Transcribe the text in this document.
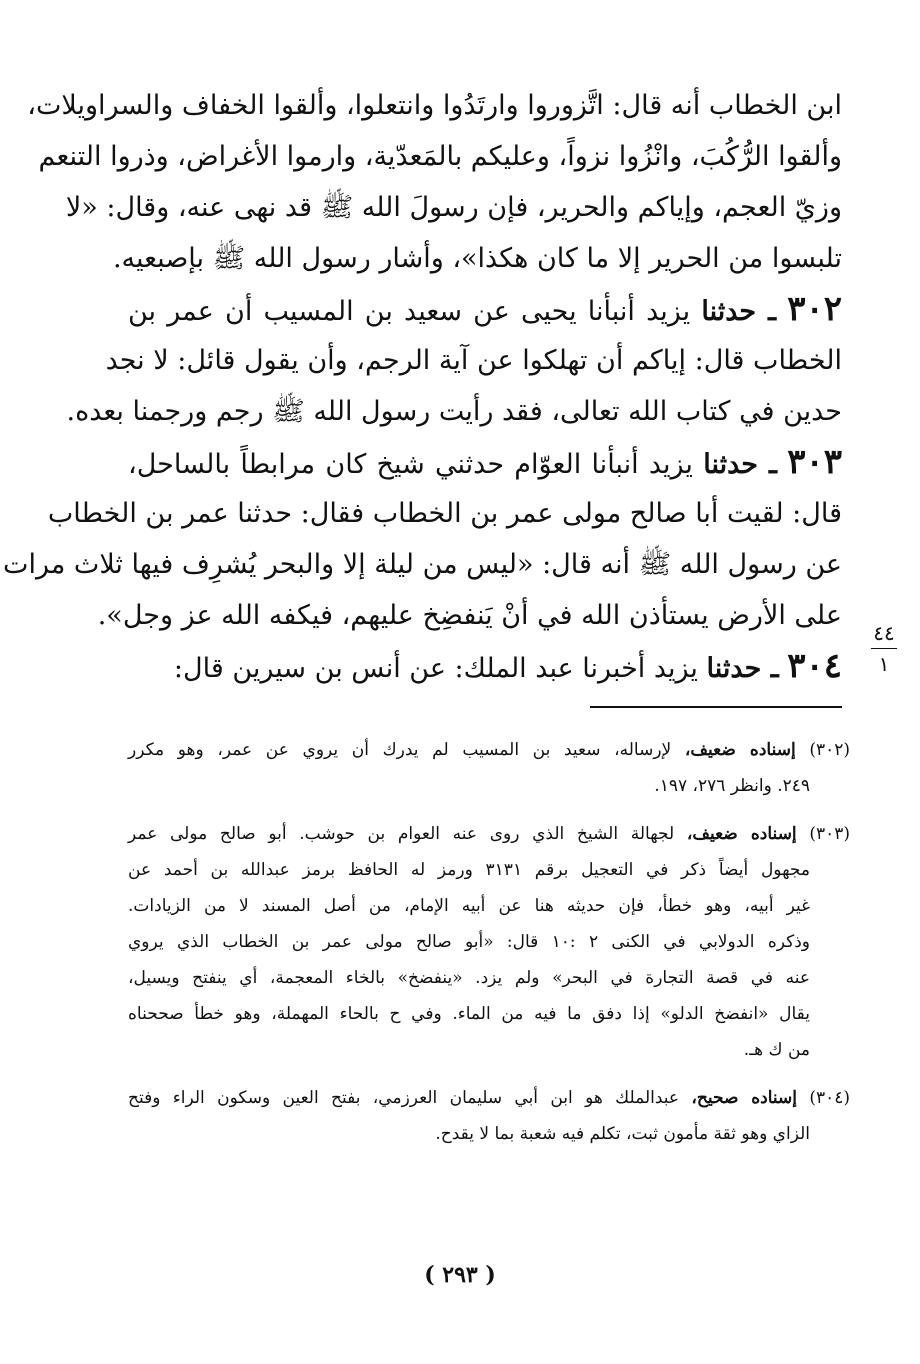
ابن الخطاب أنه قال: اتَّزوروا وارتَدُوا وانتعلوا، وألقوا الخفاف والسراويلات،
وألقوا الرُّكُبَ، وانْزُوا نزواً، وعليكم بالمَعدّية، وارموا الأغراض، وذروا التنعم
وزيّ العجم، وإياكم والحرير، فإن رسولَ الله ﷺ قد نهى عنه، وقال: «لا
تلبسوا من الحرير إلا ما كان هكذا»، وأشار رسول الله ﷺ بإصبعيه.
٣٠٢ ـ حدثنا يزيد أنبأنا يحيى عن سعيد بن المسيب أن عمر بن
الخطاب قال: إياكم أن تهلكوا عن آية الرجم، وأن يقول قائل: لا نجد
حدين في كتاب الله تعالى، فقد رأيت رسول الله ﷺ رجم ورجمنا بعده.
٣٠٣ ـ حدثنا يزيد أنبأنا العوّام حدثني شيخ كان مرابطاً بالساحل،
قال: لقيت أبا صالح مولى عمر بن الخطاب فقال: حدثنا عمر بن الخطاب
عن رسول الله ﷺ أنه قال: «ليس من ليلة إلا والبحر يُشرِف فيها ثلاث مرات
على الأرض يستأذن الله في أنْ يَنفضِخ عليهم، فيكفه الله عز وجل».
٣٠٤ ـ حدثنا يزيد أخبرنا عبد الملك: عن أنس بن سيرين قال:
٤٤
١
(٣٠٢) إسناده ضعيف، لإرساله، سعيد بن المسيب لم يدرك أن يروي عن عمر، وهو مكرر
٢٤٩. وانظر ٢٧٦، ١٩٧.
(٣٠٣) إسناده ضعيف، لجهالة الشيخ الذي روى عنه العوام بن حوشب. أبو صالح مولى عمر
مجهول أيضاً ذكر في التعجيل برقم ٣١٣١ ورمز له الحافظ برمز عبدالله بن أحمد عن
غير أبيه، وهو خطأ، فإن حديثه هنا عن أبيه الإمام، من أصل المسند لا من الزيادات.
وذكره الدولابي في الكنى ٢ :١٠ قال: «أبو صالح مولى عمر بن الخطاب الذي يروي
عنه في قصة التجارة في البحر» ولم يزد. «ينفضخ» بالخاء المعجمة، أي ينفتح ويسيل،
يقال «انفضخ الدلو» إذا دفق ما فيه من الماء. وفي ح بالحاء المهملة، وهو خطأ صححناه
من ك هـ.
(٣٠٤) إسناده صحيح، عبدالملك هو ابن أبي سليمان العرزمي، بفتح العين وسكون الراء وفتح
الزاي وهو ثقة مأمون ثبت، تكلم فيه شعبة بما لا يقدح.
( ٢٩٣ )
